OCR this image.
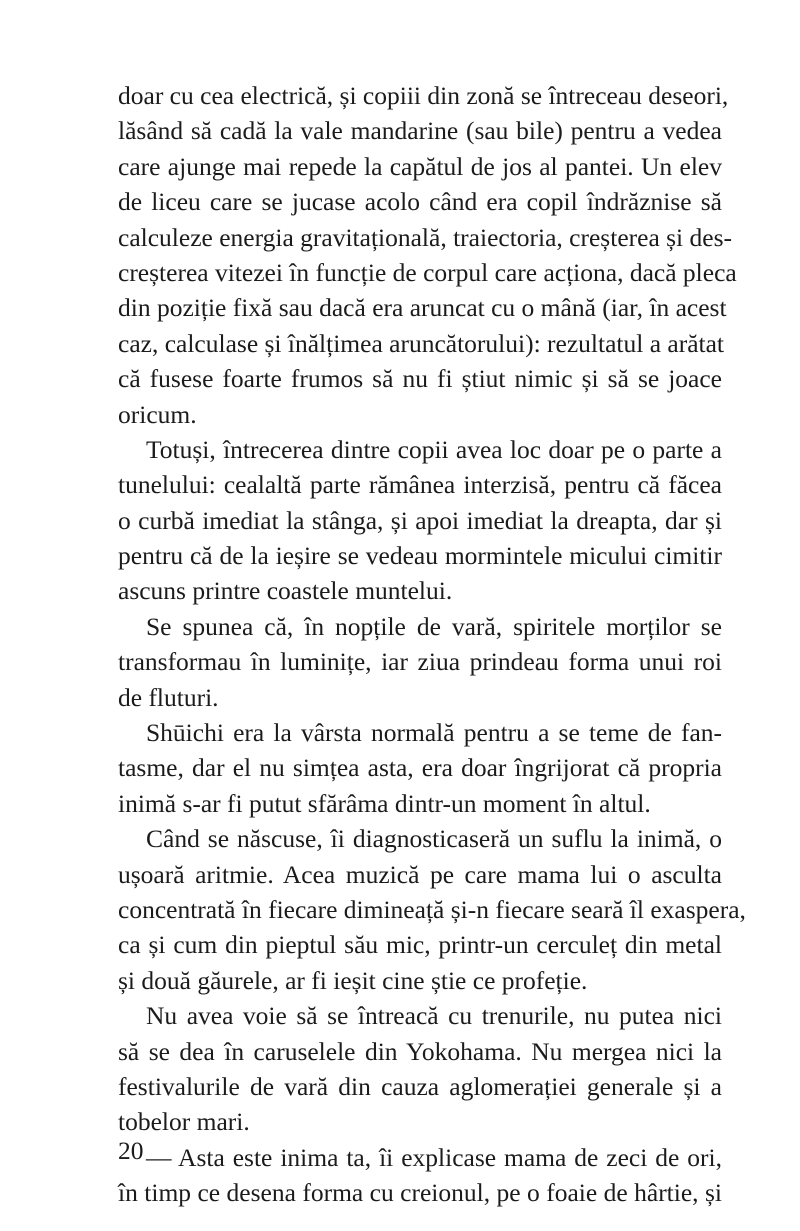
doar cu cea electrică, și copiii din zonă se întreceau deseori,
lăsând să cadă la vale mandarine (sau bile) pentru a vedea
care ajunge mai repede la capătul de jos al pantei. Un elev
de liceu care se jucase acolo când era copil îndrăznise să
calculeze energia gravitațională, traiectoria, creșterea și des-
creșterea vitezei în funcție de corpul care acționa, dacă pleca
din poziție fixă sau dacă era aruncat cu o mână (iar, în acest
caz, calculase și înălțimea aruncătorului): rezultatul a arătat
că fusese foarte frumos să nu fi știut nimic și să se joace
oricum.
Totuși, întrecerea dintre copii avea loc doar pe o parte a
tunelului: cealaltă parte rămânea interzisă, pentru că făcea
o curbă imediat la stânga, și apoi imediat la dreapta, dar și
pentru că de la ieșire se vedeau mormintele micului cimitir
ascuns printre coastele muntelui.
Se spunea că, în nopțile de vară, spiritele morților se
transformau în luminițe, iar ziua prindeau forma unui roi
de fluturi.
Shūichi era la vârsta normală pentru a se teme de fan-
tasme, dar el nu simțea asta, era doar îngrijorat că propria
inimă s-ar fi putut sfărâma dintr-un moment în altul.
Când se născuse, îi diagnosticaseră un suflu la inimă, o
ușoară aritmie. Acea muzică pe care mama lui o asculta
concentrată în fiecare dimineață și-n fiecare seară îl exaspera,
ca și cum din pieptul său mic, printr-un cerculeț din metal
și două găurele, ar fi ieșit cine știe ce profeție.
Nu avea voie să se întreacă cu trenurile, nu putea nici
să se dea în caruselele din Yokohama. Nu mergea nici la
festivalurile de vară din cauza aglomerației generale și a
tobelor mari.
— Asta este inima ta, îi explicase mama de zeci de ori,
în timp ce desena forma cu creionul, pe o foaie de hârtie, și
20
